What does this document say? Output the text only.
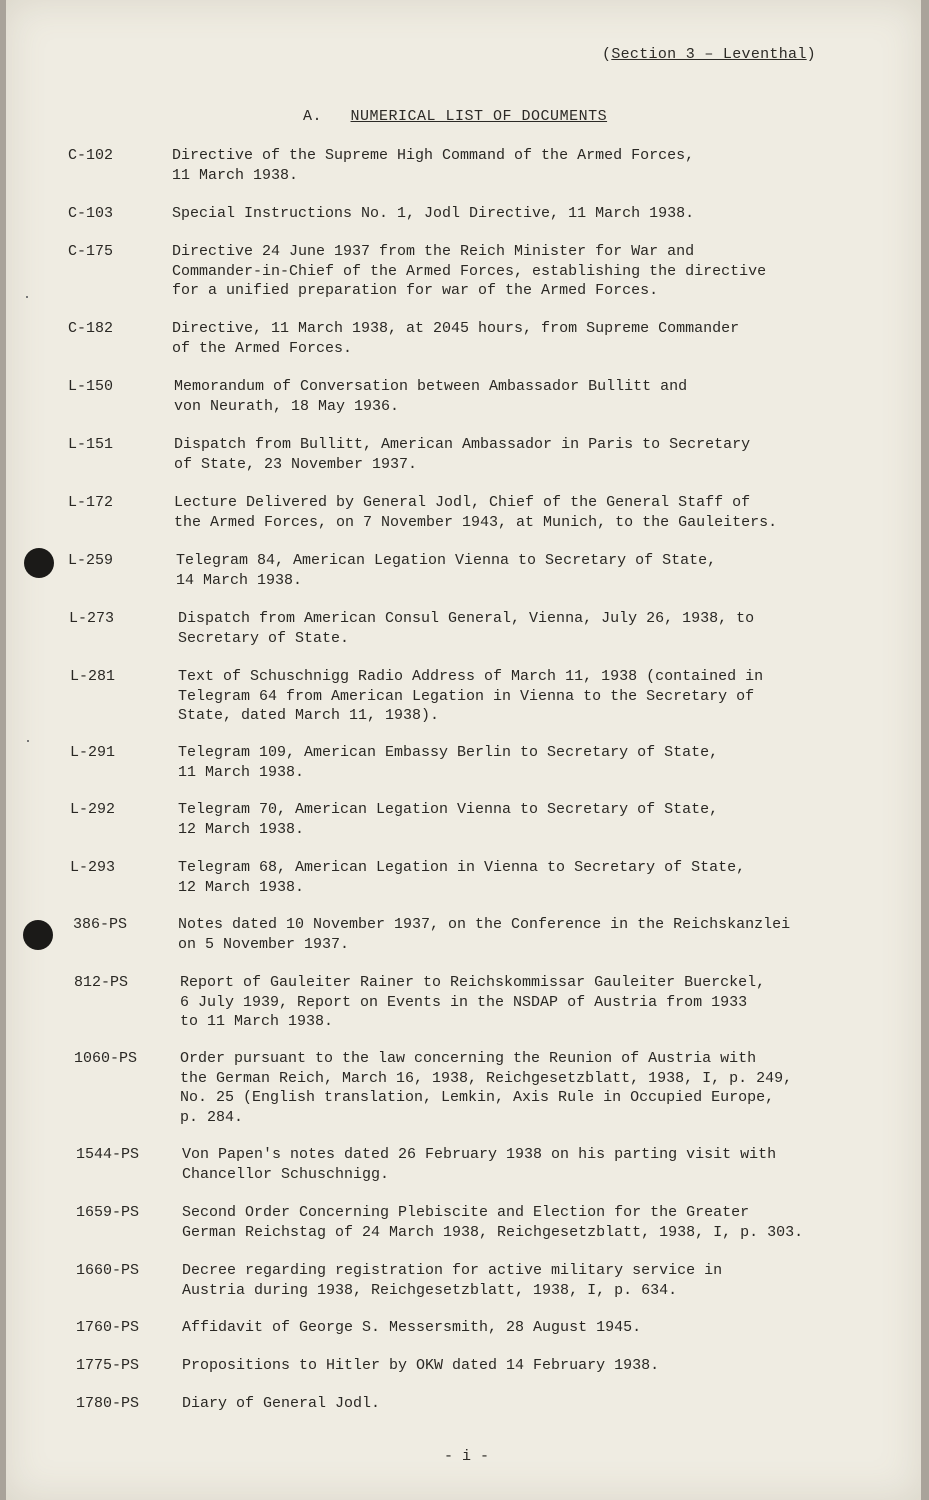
(Section 3 – Leventhal)
A. NUMERICAL LIST OF DOCUMENTS
C-102	Directive of the Supreme High Command of the Armed Forces,
11 March 1938.
C-103	Special Instructions No. 1, Jodl Directive, 11 March 1938.
C-175	Directive 24 June 1937 from the Reich Minister for War and
Commander-in-Chief of the Armed Forces, establishing the directive
for a unified preparation for war of the Armed Forces.
C-182	Directive, 11 March 1938, at 2045 hours, from Supreme Commander
of the Armed Forces.
L-150	Memorandum of Conversation between Ambassador Bullitt and
von Neurath, 18 May 1936.
L-151	Dispatch from Bullitt, American Ambassador in Paris to Secretary
of State, 23 November 1937.
L-172	Lecture Delivered by General Jodl, Chief of the General Staff of
the Armed Forces, on 7 November 1943, at Munich, to the Gauleiters.
L-259	Telegram 84, American Legation Vienna to Secretary of State,
14 March 1938.
L-273	Dispatch from American Consul General, Vienna, July 26, 1938, to
Secretary of State.
L-281	Text of Schuschnigg Radio Address of March 11, 1938 (contained in
Telegram 64 from American Legation in Vienna to the Secretary of
State, dated March 11, 1938).
L-291	Telegram 109, American Embassy Berlin to Secretary of State,
11 March 1938.
L-292	Telegram 70, American Legation Vienna to Secretary of State,
12 March 1938.
L-293	Telegram 68, American Legation in Vienna to Secretary of State,
12 March 1938.
386-PS	Notes dated 10 November 1937, on the Conference in the Reichskanzlei
on 5 November 1937.
812-PS	Report of Gauleiter Rainer to Reichskommissar Gauleiter Buerckel,
6 July 1939, Report on Events in the NSDAP of Austria from 1933
to 11 March 1938.
1060-PS	Order pursuant to the law concerning the Reunion of Austria with
the German Reich, March 16, 1938, Reichgesetzblatt, 1938, I, p. 249,
No. 25 (English translation, Lemkin, Axis Rule in Occupied Europe,
p. 284.
1544-PS	Von Papen's notes dated 26 February 1938 on his parting visit with
Chancellor Schuschnigg.
1659-PS	Second Order Concerning Plebiscite and Election for the Greater
German Reichstag of 24 March 1938, Reichgesetzblatt, 1938, I, p. 303.
1660-PS	Decree regarding registration for active military service in
Austria during 1938, Reichgesetzblatt, 1938, I, p. 634.
1760-PS	Affidavit of George S. Messersmith, 28 August 1945.
1775-PS	Propositions to Hitler by OKW dated 14 February 1938.
1780-PS	Diary of General Jodl.
- i -
